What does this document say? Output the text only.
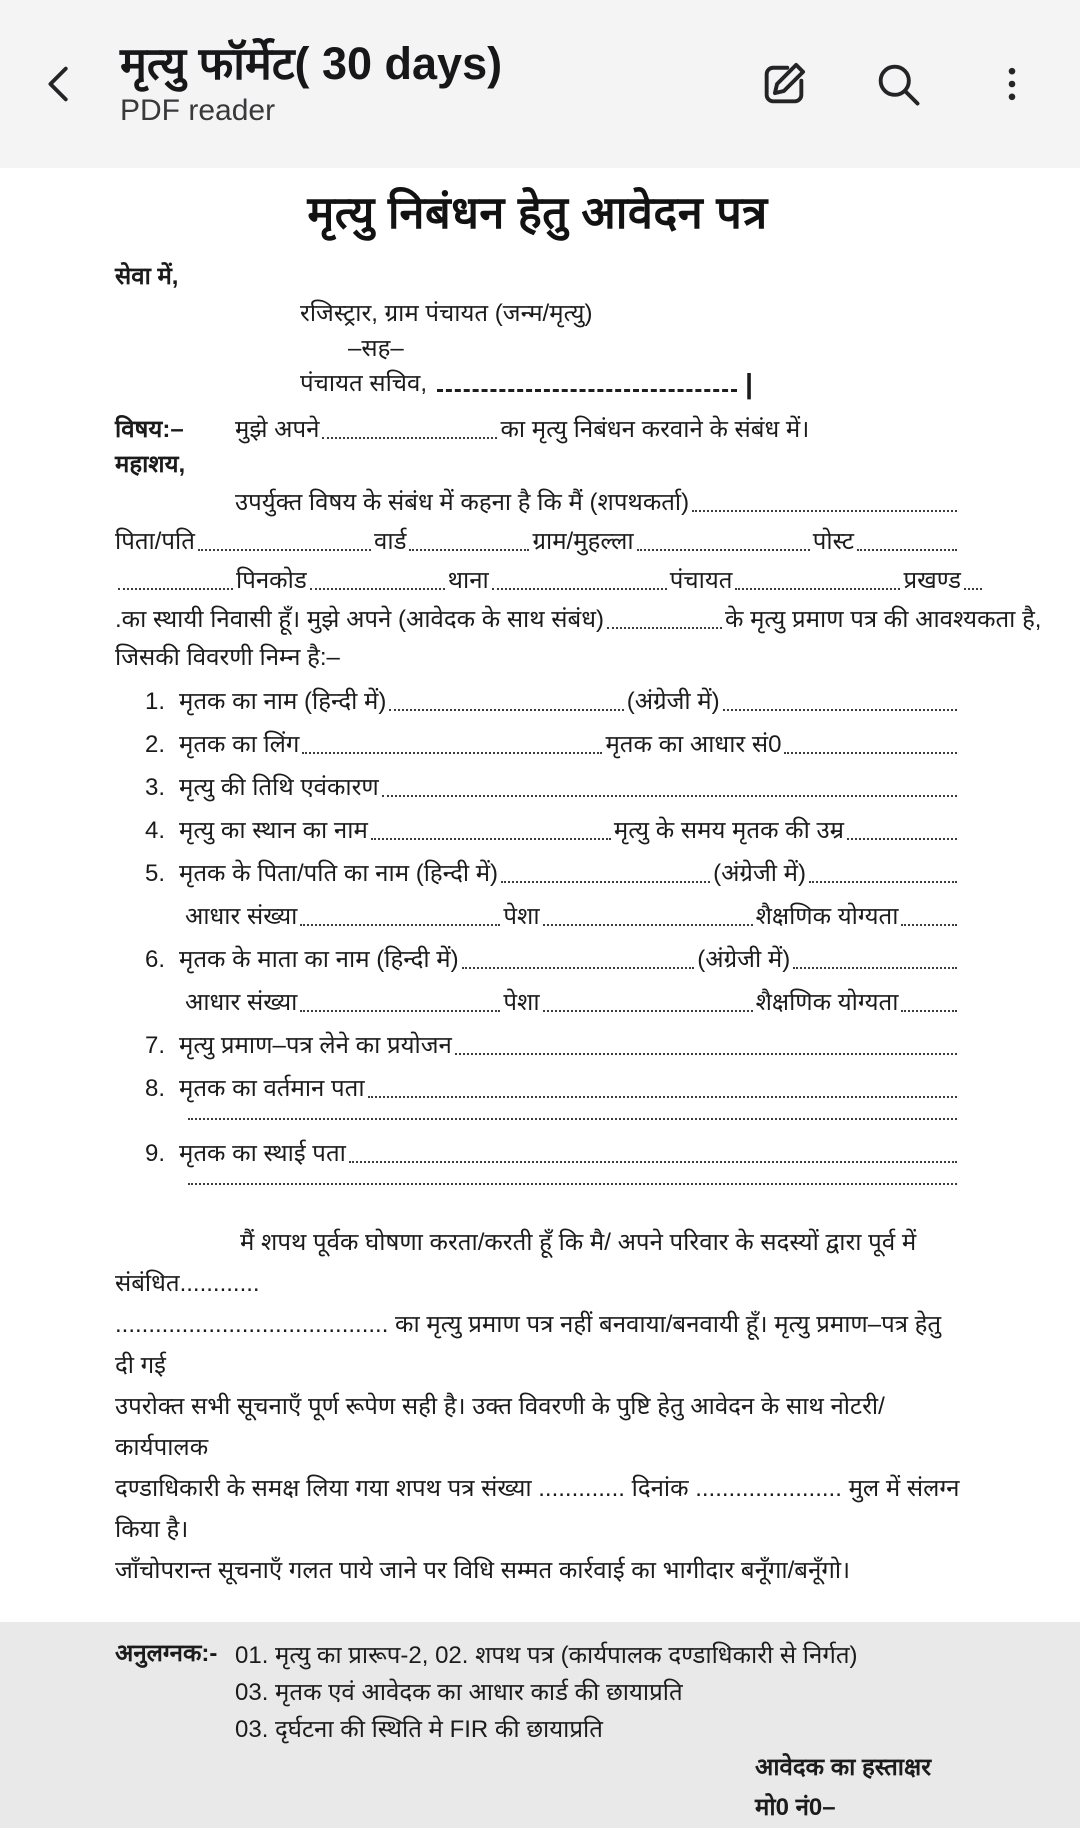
मृत्यु फॉर्मेट( 30 days)
PDF reader
मृत्यु निबंधन हेतु आवेदन पत्र
सेवा में,
रजिस्ट्रार, ग्राम पंचायत (जन्म/मृत्यु)
–सह–
पंचायत सचिव,	|
विषय:–	मुझे अपने	का मृत्यु निबंधन करवाने के संबंध में।
महाशय,
उपर्युक्त विषय के संबंध में कहना है कि मैं (शपथकर्ता)
पिता/पति	वार्ड	ग्राम/मुहल्ला	पोस्ट
पिनकोड	थाना	पंचायत	प्रखण्ड
.का स्थायी निवासी हूँ। मुझे अपने (आवेदक के साथ संबंध)	के मृत्यु प्रमाण पत्र की आवश्यकता है,
जिसकी विवरणी निम्न है:–
1. मृतक का नाम (हिन्दी में)	(अंग्रेजी में)
2. मृतक का लिंग	मृतक का आधार सं0
3. मृत्यु की तिथि एवंकारण
4. मृत्यु का स्थान का नाम	मृत्यु के समय मृतक की उम्र
5. मृतक के पिता/पति का नाम (हिन्दी में)	(अंग्रेजी में)
आधार संख्या	पेशा	शैक्षणिक योग्यता
6. मृतक के माता का नाम (हिन्दी में)	(अंग्रेजी में)
आधार संख्या	पेशा	शैक्षणिक योग्यता
7. मृत्यु प्रमाण–पत्र लेने का प्रयोजन
8. मृतक का वर्तमान पता
9. मृतक का स्थाई पता
मैं शपथ पूर्वक घोषणा करता/करती हूँ कि मै/ अपने परिवार के सदस्यों द्वारा पूर्व में संबंधित............
......................................... का मृत्यु प्रमाण पत्र नहीं बनवाया/बनवायी हूँ। मृत्यु प्रमाण–पत्र हेतु दी गई
उपरोक्त सभी सूचनाएँ पूर्ण रूपेण सही है। उक्त विवरणी के पुष्टि हेतु आवेदन के साथ नोटरी/कार्यपालक
दण्डाधिकारी के समक्ष लिया गया शपथ पत्र संख्या ............. दिनांक ...................... मुल में संलग्न किया है।
जाँचोपरान्त सूचनाएँ गलत पाये जाने पर विधि सम्मत कार्रवाई का भागीदार बनूँगा/बनूँगो।
अनुलग्नक:- 01. मृत्यु का प्रारूप-2, 02. शपथ पत्र (कार्यपालक दण्डाधिकारी से निर्गत)
03. मृतक एवं आवेदक का आधार कार्ड की छायाप्रति
03. दृर्घटना की स्थिति मे FIR की छायाप्रति
आवेदक का हस्ताक्षर
मो0 नं0–
